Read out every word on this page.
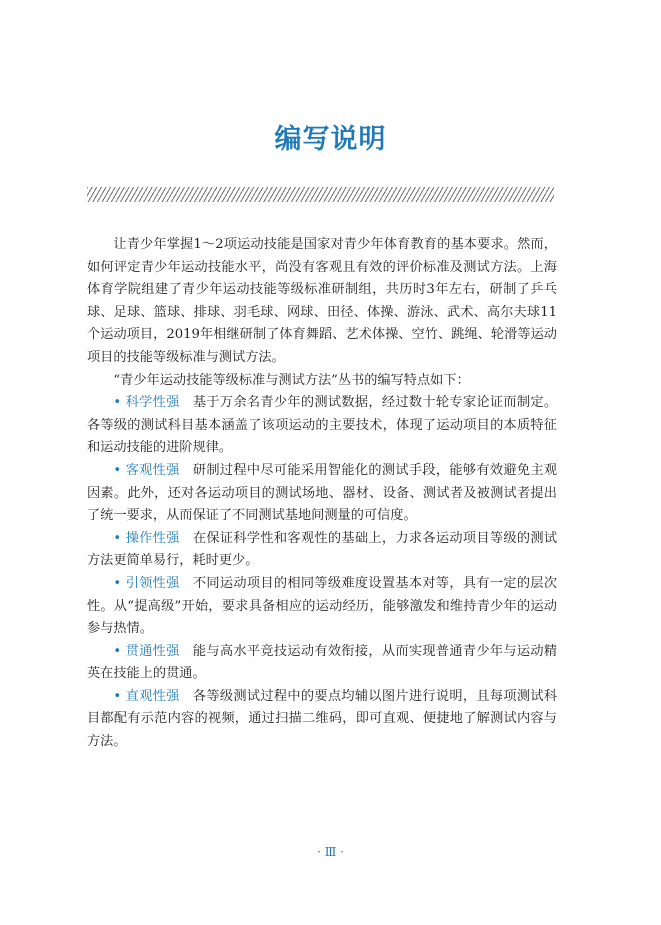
编写说明

让青少年掌握1～2项运动技能是国家对青少年体育教育的基本要求。然而，如何评定青少年运动技能水平，尚没有客观且有效的评价标准及测试方法。上海体育学院组建了青少年运动技能等级标准研制组，共历时3年左右，研制了乒乓球、足球、篮球、排球、羽毛球、网球、田径、体操、游泳、武术、高尔夫球11个运动项目，2019年相继研制了体育舞蹈、艺术体操、空竹、跳绳、轮滑等运动项目的技能等级标准与测试方法。

“青少年运动技能等级标准与测试方法”丛书的编写特点如下：

• 科学性强 基于万余名青少年的测试数据，经过数十轮专家论证而制定。各等级的测试科目基本涵盖了该项运动的主要技术，体现了运动项目的本质特征和运动技能的进阶规律。

• 客观性强 研制过程中尽可能采用智能化的测试手段，能够有效避免主观因素。此外，还对各运动项目的测试场地、器材、设备、测试者及被测试者提出了统一要求，从而保证了不同测试基地间测量的可信度。

• 操作性强 在保证科学性和客观性的基础上，力求各运动项目等级的测试方法更简单易行，耗时更少。

• 引领性强 不同运动项目的相同等级难度设置基本对等，具有一定的层次性。从“提高级”开始，要求具备相应的运动经历，能够激发和维持青少年的运动参与热情。

• 贯通性强 能与高水平竞技运动有效衔接，从而实现普通青少年与运动精英在技能上的贯通。

• 直观性强 各等级测试过程中的要点均辅以图片进行说明，且每项测试科目都配有示范内容的视频，通过扫描二维码，即可直观、便捷地了解测试内容与方法。

· Ⅲ ·
